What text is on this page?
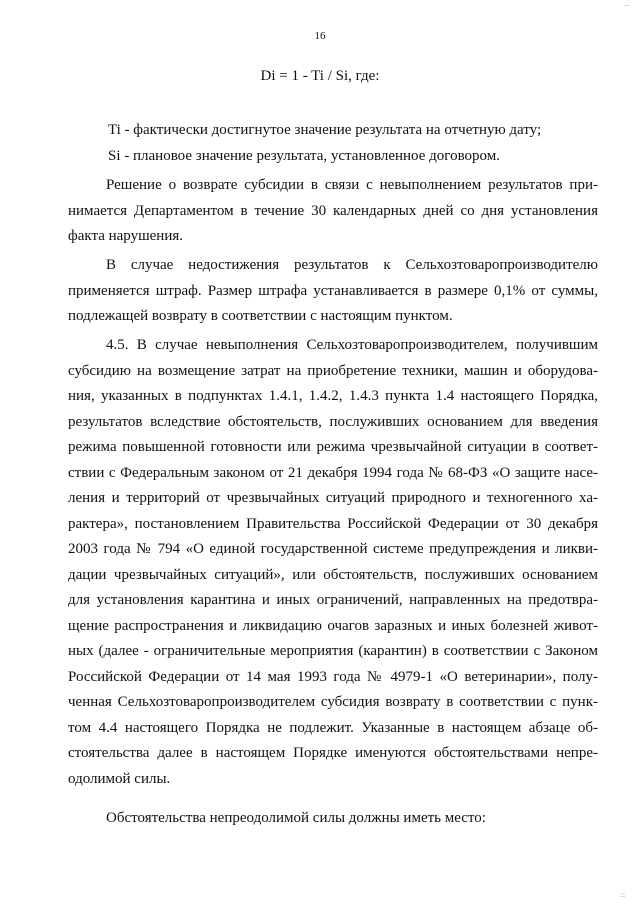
16
Di = 1 - Ti / Si, где:
Ti - фактически достигнутое значение результата на отчетную дату;
Si - плановое значение результата, установленное договором.
Решение о возврате субсидии в связи с невыполнением результатов при-
нимается Департаментом в течение 30 календарных дней со дня установления
факта нарушения.
В случае недостижения результатов к Сельхозтоваропроизводителю
применяется штраф. Размер штрафа устанавливается в размере 0,1% от суммы,
подлежащей возврату в соответствии с настоящим пунктом.
4.5. В случае невыполнения Сельхозтоваропроизводителем, получившим
субсидию на возмещение затрат на приобретение техники, машин и оборудова-
ния, указанных в подпунктах 1.4.1, 1.4.2, 1.4.3 пункта 1.4 настоящего Порядка,
результатов вследствие обстоятельств, послуживших основанием для введения
режима повышенной готовности или режима чрезвычайной ситуации в соответ-
ствии с Федеральным законом от 21 декабря 1994 года № 68-ФЗ «О защите насе-
ления и территорий от чрезвычайных ситуаций природного и техногенного ха-
рактера», постановлением Правительства Российской Федерации от 30 декабря
2003 года № 794 «О единой государственной системе предупреждения и ликви-
дации чрезвычайных ситуаций», или обстоятельств, послуживших основанием
для установления карантина и иных ограничений, направленных на предотвра-
щение распространения и ликвидацию очагов заразных и иных болезней живот-
ных (далее - ограничительные мероприятия (карантин) в соответствии с Законом
Российской Федерации от 14 мая 1993 года № 4979-1 «О ветеринарии», полу-
ченная Сельхозтоваропроизводителем субсидия возврату в соответствии с пунк-
том 4.4 настоящего Порядка не подлежит. Указанные в настоящем абзаце об-
стоятельства далее в настоящем Порядке именуются обстоятельствами непре-
одолимой силы.
Обстоятельства непреодолимой силы должны иметь место:
..
::
